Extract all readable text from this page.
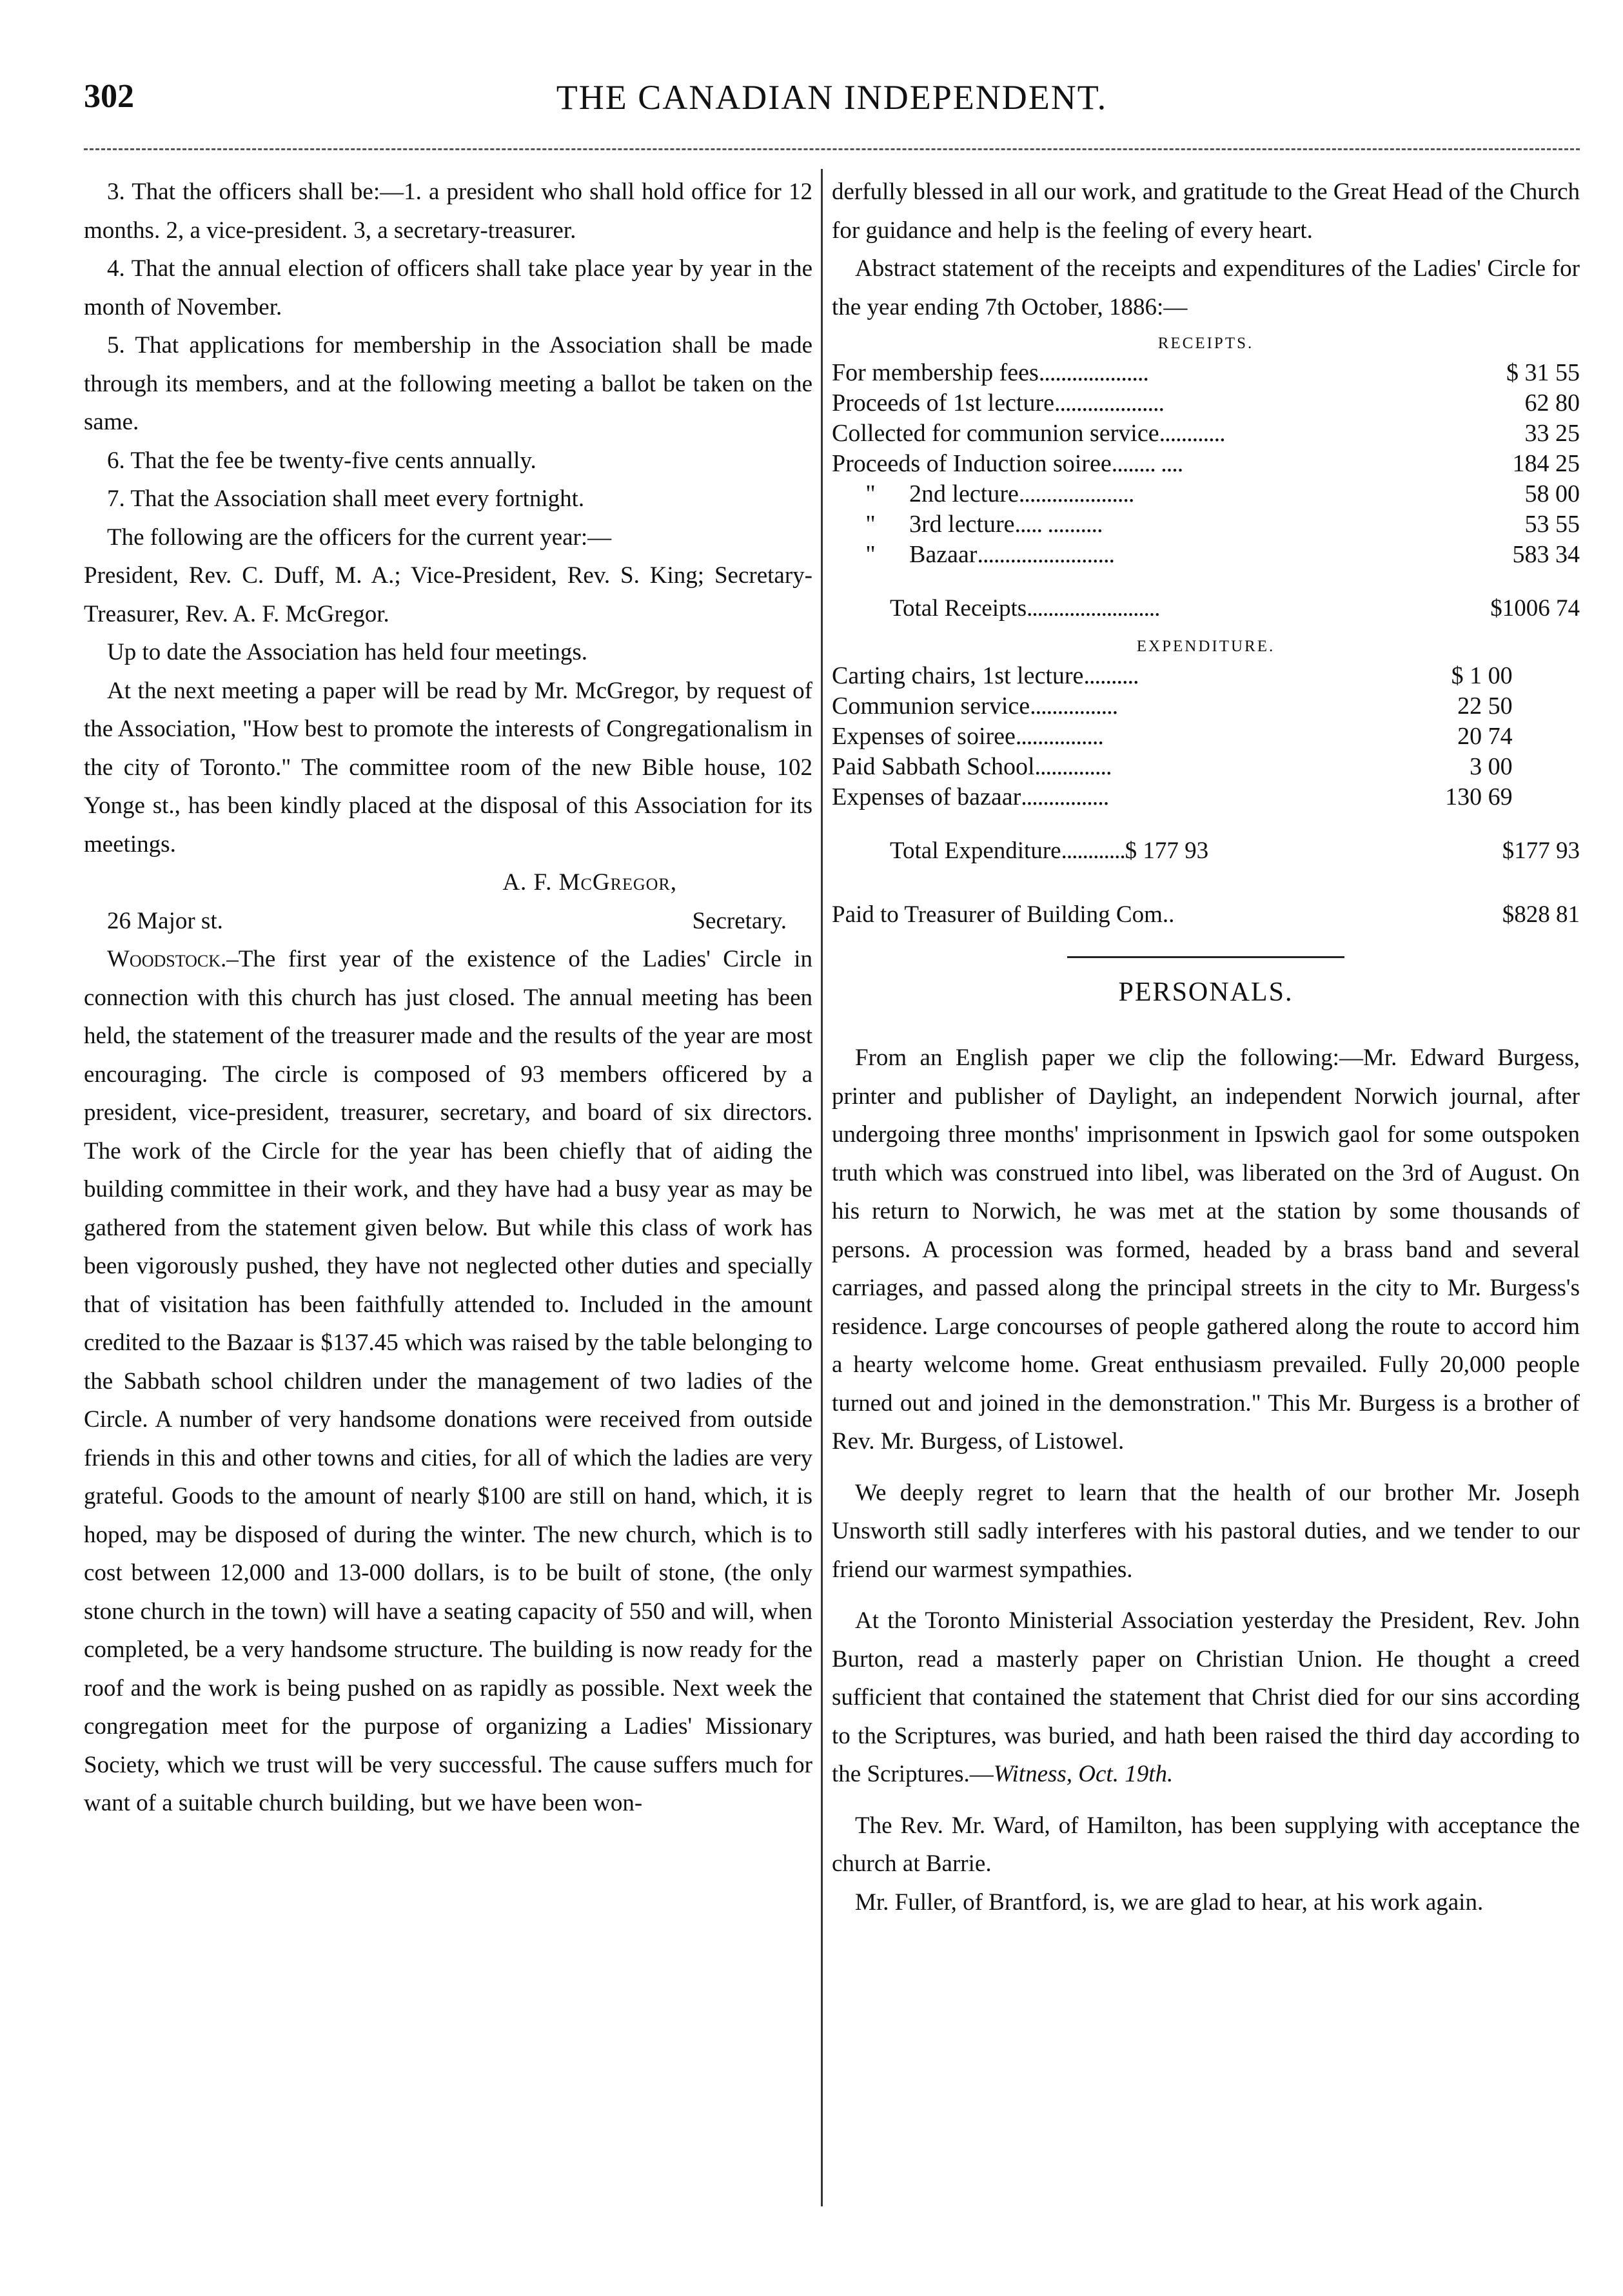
302	THE CANADIAN INDEPENDENT.

3. That the officers shall be:—1. a president who shall hold office for 12 months. 2, a vice-president. 3, a secretary-treasurer.

4. That the annual election of officers shall take place year by year in the month of November.

5. That applications for membership in the Association shall be made through its members, and at the following meeting a ballot be taken on the same.

6. That the fee be twenty-five cents annually.

7. That the Association shall meet every fortnight.

The following are the officers for the current year:—

President, Rev. C. Duff, M. A.; Vice-President, Rev. S. King; Secretary-Treasurer, Rev. A. F. McGregor.

Up to date the Association has held four meetings.

At the next meeting a paper will be read by Mr. McGregor, by request of the Association, "How best to promote the interests of Congregationalism in the city of Toronto." The committee room of the new Bible house, 102 Yonge st., has been kindly placed at the disposal of this Association for its meetings.

A. F. McGregor,
26 Major st.	Secretary.

Woodstock.–The first year of the existence of the Ladies' Circle in connection with this church has just closed. The annual meeting has been held, the statement of the treasurer made and the results of the year are most encouraging. The circle is composed of 93 members officered by a president, vice-president, treasurer, secretary, and board of six directors. The work of the Circle for the year has been chiefly that of aiding the building committee in their work, and they have had a busy year as may be gathered from the statement given below. But while this class of work has been vigorously pushed, they have not neglected other duties and specially that of visitation has been faithfully attended to. Included in the amount credited to the Bazaar is $137.45 which was raised by the table belonging to the Sabbath school children under the management of two ladies of the Circle. A number of very handsome donations were received from outside friends in this and other towns and cities, for all of which the ladies are very grateful. Goods to the amount of nearly $100 are still on hand, which, it is hoped, may be disposed of during the winter. The new church, which is to cost between 12,000 and 13-000 dollars, is to be built of stone, (the only stone church in the town) will have a seating capacity of 550 and will, when completed, be a very handsome structure. The building is now ready for the roof and the work is being pushed on as rapidly as possible. Next week the congregation meet for the purpose of organizing a Ladies' Missionary Society, which we trust will be very successful. The cause suffers much for want of a suitable church building, but we have been won-

derfully blessed in all our work, and gratitude to the Great Head of the Church for guidance and help is the feeling of every heart.

Abstract statement of the receipts and expenditures of the Ladies' Circle for the year ending 7th October, 1886:—

RECEIPTS.
For membership fees....................	$ 31 55
Proceeds of 1st lecture....................	62 80
Collected for communion service............	33 25
Proceeds of Induction soiree........ ....	184 25
" 2nd lecture.....................	58 00
" 3rd lecture..... ..........	53 55
" Bazaar.........................	583 34
Total Receipts.........................	$1006 74
EXPENDITURE.
Carting chairs, 1st lecture..........	$ 1 00	
Communion service................	22 50	
Expenses of soiree................	20 74	
Paid Sabbath School..............	3 00	
Expenses of bazaar................	130 69	
Total Expenditure............$ 177 93	$177 93
Paid to Treasurer of Building Com..	$828 81
PERSONALS.

From an English paper we clip the following:—Mr. Edward Burgess, printer and publisher of Daylight, an independent Norwich journal, after undergoing three months' imprisonment in Ipswich gaol for some outspoken truth which was construed into libel, was liberated on the 3rd of August. On his return to Norwich, he was met at the station by some thousands of persons. A procession was formed, headed by a brass band and several carriages, and passed along the principal streets in the city to Mr. Burgess's residence. Large concourses of people gathered along the route to accord him a hearty welcome home. Great enthusiasm prevailed. Fully 20,000 people turned out and joined in the demonstration." This Mr. Burgess is a brother of Rev. Mr. Burgess, of Listowel.

We deeply regret to learn that the health of our brother Mr. Joseph Unsworth still sadly interferes with his pastoral duties, and we tender to our friend our warmest sympathies.

At the Toronto Ministerial Association yesterday the President, Rev. John Burton, read a masterly paper on Christian Union. He thought a creed sufficient that contained the statement that Christ died for our sins according to the Scriptures, was buried, and hath been raised the third day according to the Scriptures.—Witness, Oct. 19th.

The Rev. Mr. Ward, of Hamilton, has been supplying with acceptance the church at Barrie.

Mr. Fuller, of Brantford, is, we are glad to hear, at his work again.
